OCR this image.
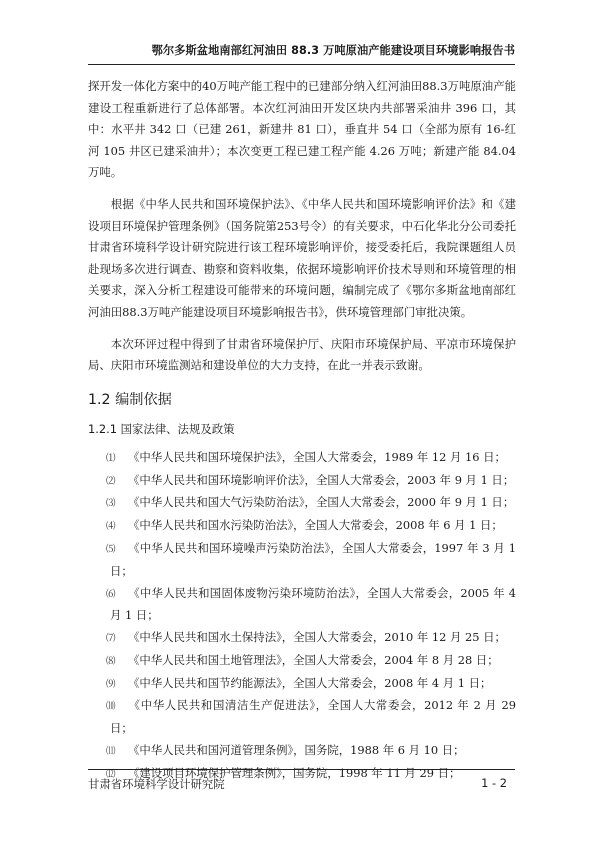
鄂尔多斯盆地南部红河油田 88.3 万吨原油产能建设项目环境影响报告书

探开发一体化方案中的40万吨产能工程中的已建部分纳入红河油田88.3万吨原油产能建设工程重新进行了总体部署。本次红河油田开发区块内共部署采油井 396 口，其中：水平井 342 口（已建 261，新建井 81 口），垂直井 54 口（全部为原有 16-红河 105 井区已建采油井）；本次变更工程已建工程产能 4.26 万吨；新建产能 84.04 万吨。

根据《中华人民共和国环境保护法》、《中华人民共和国环境影响评价法》和《建设项目环境保护管理条例》（国务院第253号令）的有关要求，中石化华北分公司委托甘肃省环境科学设计研究院进行该工程环境影响评价，接受委托后，我院课题组人员赴现场多次进行调查、勘察和资料收集，依据环境影响评价技术导则和环境管理的相关要求，深入分析工程建设可能带来的环境问题，编制完成了《鄂尔多斯盆地南部红河油田88.3万吨产能建设项目环境影响报告书》，供环境管理部门审批决策。

本次环评过程中得到了甘肃省环境保护厅、庆阳市环境保护局、平凉市环境保护局、庆阳市环境监测站和建设单位的大力支持，在此一并表示致谢。

1.2 编制依据
1.2.1 国家法律、法规及政策
⑴ 《中华人民共和国环境保护法》，全国人大常委会，1989 年 12 月 16 日；
⑵ 《中华人民共和国环境影响评价法》，全国人大常委会，2003 年 9 月 1 日；
⑶ 《中华人民共和国大气污染防治法》，全国人大常委会，2000 年 9 月 1 日；
⑷ 《中华人民共和国水污染防治法》，全国人大常委会，2008 年 6 月 1 日；
⑸ 《中华人民共和国环境噪声污染防治法》，全国人大常委会，1997 年 3 月 1 日；
⑹ 《中华人民共和国固体废物污染环境防治法》，全国人大常委会，2005 年 4 月 1 日；
⑺ 《中华人民共和国水土保持法》，全国人大常委会，2010 年 12 月 25 日；
⑻ 《中华人民共和国土地管理法》，全国人大常委会，2004 年 8 月 28 日；
⑼ 《中华人民共和国节约能源法》，全国人大常委会，2008 年 4 月 1 日；
⑽ 《中华人民共和国清洁生产促进法》，全国人大常委会，2012 年 2 月 29 日；
⑾ 《中华人民共和国河道管理条例》，国务院，1988 年 6 月 10 日；
⑿ 《建设项目环境保护管理条例》，国务院，1998 年 11 月 29 日；
甘肃省环境科学设计研究院	1 - 2
